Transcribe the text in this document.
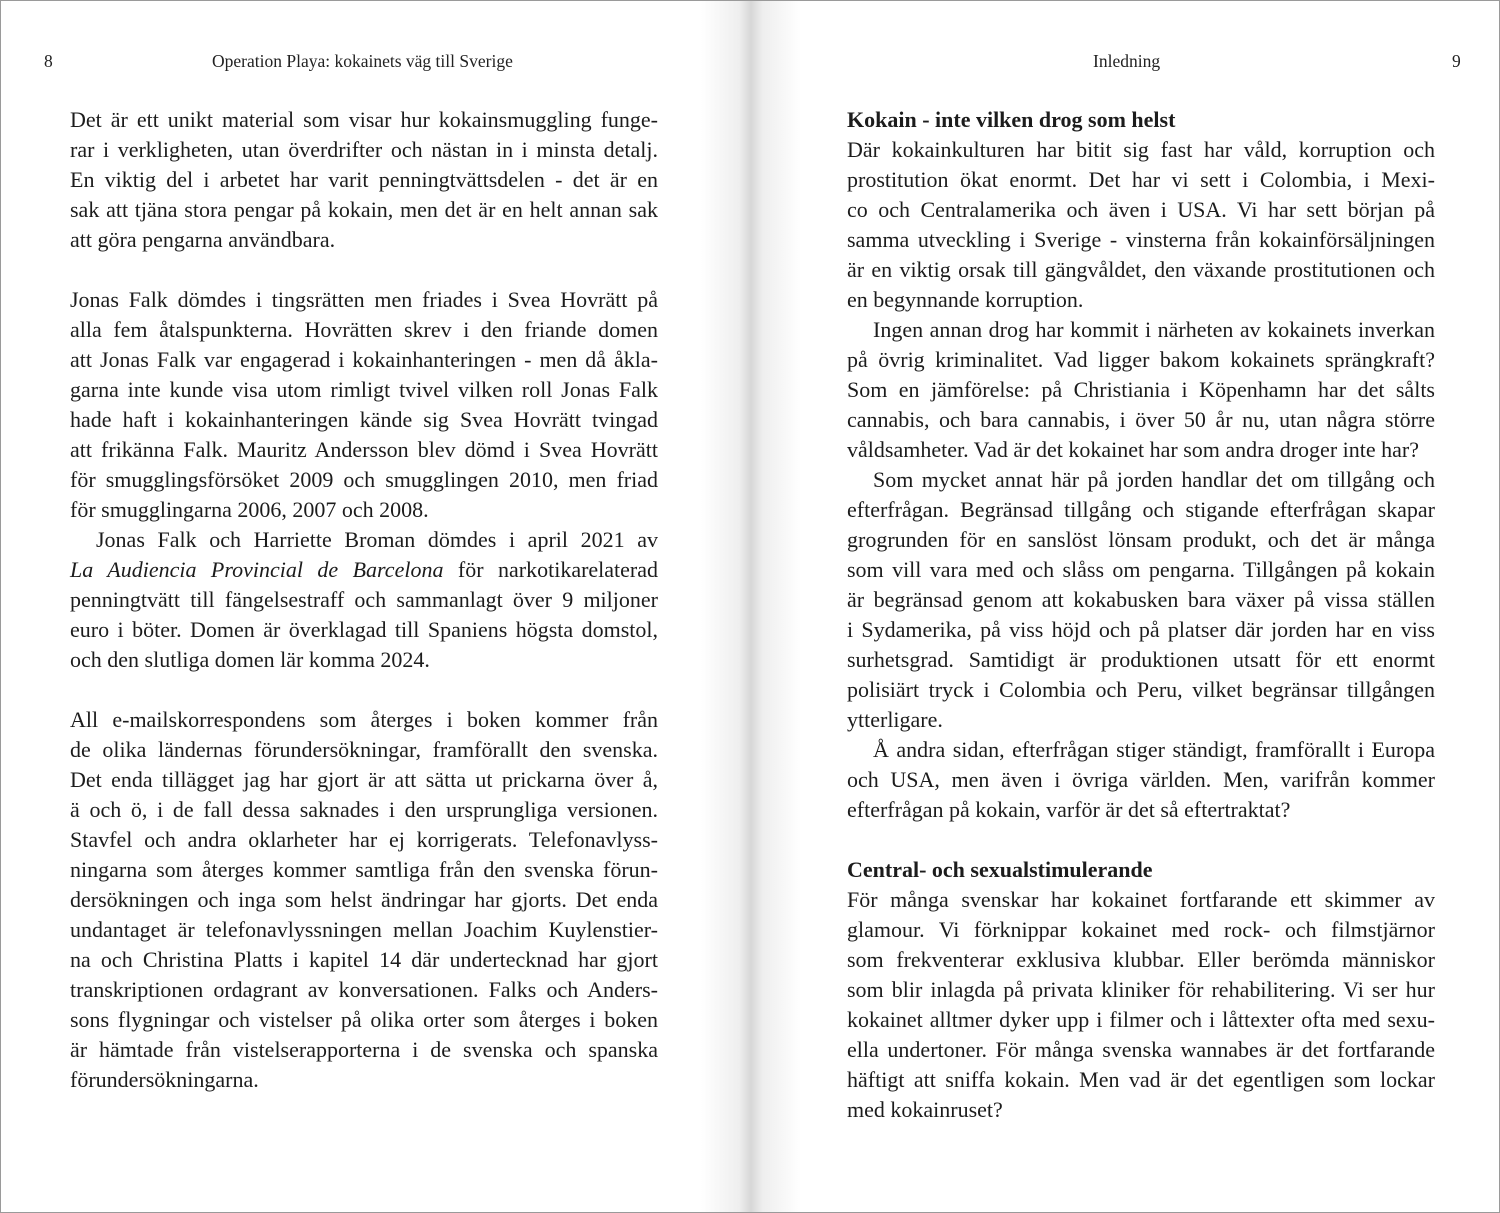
8	Operation Playa: kokainets väg till Sverige
Det är ett unikt material som visar hur kokainsmuggling funge-
rar i verkligheten, utan överdrifter och nästan in i minsta detalj.
En viktig del i arbetet har varit penningtvättsdelen - det är en
sak att tjäna stora pengar på kokain, men det är en helt annan sak
att göra pengarna användbara.
Jonas Falk dömdes i tingsrätten men friades i Svea Hovrätt på
alla fem åtalspunkterna. Hovrätten skrev i den friande domen
att Jonas Falk var engagerad i kokainhanteringen - men då åkla-
garna inte kunde visa utom rimligt tvivel vilken roll Jonas Falk
hade haft i kokainhanteringen kände sig Svea Hovrätt tvingad
att frikänna Falk. Mauritz Andersson blev dömd i Svea Hovrätt
för smugglingsförsöket 2009 och smugglingen 2010, men friad
för smugglingarna 2006, 2007 och 2008.
Jonas Falk och Harriette Broman dömdes i april 2021 av
La Audiencia Provincial de Barcelona för narkotikarelaterad
penningtvätt till fängelsestraff och sammanlagt över 9 miljoner
euro i böter. Domen är överklagad till Spaniens högsta domstol,
och den slutliga domen lär komma 2024.
All e-mailskorrespondens som återges i boken kommer från
de olika ländernas förundersökningar, framförallt den svenska.
Det enda tillägget jag har gjort är att sätta ut prickarna över å,
ä och ö, i de fall dessa saknades i den ursprungliga versionen.
Stavfel och andra oklarheter har ej korrigerats. Telefonavlyss-
ningarna som återges kommer samtliga från den svenska förun-
dersökningen och inga som helst ändringar har gjorts. Det enda
undantaget är telefonavlyssningen mellan Joachim Kuylenstier-
na och Christina Platts i kapitel 14 där undertecknad har gjort
transkriptionen ordagrant av konversationen. Falks och Anders-
sons flygningar och vistelser på olika orter som återges i boken
är hämtade från vistelserapporterna i de svenska och spanska
förundersökningarna.
Inledning	9
Kokain - inte vilken drog som helst
Där kokainkulturen har bitit sig fast har våld, korruption och
prostitution ökat enormt. Det har vi sett i Colombia, i Mexi-
co och Centralamerika och även i USA. Vi har sett början på
samma utveckling i Sverige - vinsterna från kokainförsäljningen
är en viktig orsak till gängvåldet, den växande prostitutionen och
en begynnande korruption.
Ingen annan drog har kommit i närheten av kokainets inverkan
på övrig kriminalitet. Vad ligger bakom kokainets sprängkraft?
Som en jämförelse: på Christiania i Köpenhamn har det sålts
cannabis, och bara cannabis, i över 50 år nu, utan några större
våldsamheter. Vad är det kokainet har som andra droger inte har?
Som mycket annat här på jorden handlar det om tillgång och
efterfrågan. Begränsad tillgång och stigande efterfrågan skapar
grogrunden för en sanslöst lönsam produkt, och det är många
som vill vara med och slåss om pengarna. Tillgången på kokain
är begränsad genom att kokabusken bara växer på vissa ställen
i Sydamerika, på viss höjd och på platser där jorden har en viss
surhetsgrad. Samtidigt är produktionen utsatt för ett enormt
polisiärt tryck i Colombia och Peru, vilket begränsar tillgången
ytterligare.
Å andra sidan, efterfrågan stiger ständigt, framförallt i Europa
och USA, men även i övriga världen. Men, varifrån kommer
efterfrågan på kokain, varför är det så eftertraktat?
Central- och sexualstimulerande
För många svenskar har kokainet fortfarande ett skimmer av
glamour. Vi förknippar kokainet med rock- och filmstjärnor
som frekventerar exklusiva klubbar. Eller berömda människor
som blir inlagda på privata kliniker för rehabilitering. Vi ser hur
kokainet alltmer dyker upp i filmer och i låttexter ofta med sexu-
ella undertoner. För många svenska wannabes är det fortfarande
häftigt att sniffa kokain. Men vad är det egentligen som lockar
med kokainruset?
